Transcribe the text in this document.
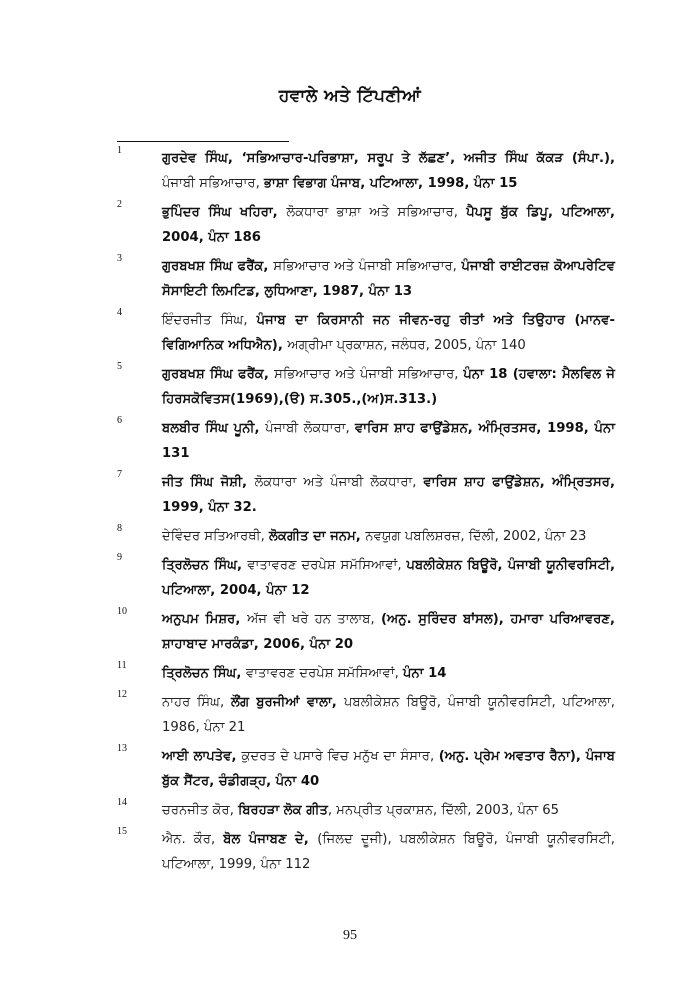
ਹਵਾਲੇ ਅਤੇ ਟਿੱਪਣੀਆਂ
1
ਗੁਰਦੇਵ ਸਿੰਘ, ‘ਸਭਿਆਚਾਰ-ਪਰਿਭਾਸ਼ਾ, ਸਰੂਪ ਤੇ ਲੱਛਣ’, ਅਜੀਤ ਸਿੰਘ ਕੱਕੜ (ਸੰਪਾ.), ਪੰਜਾਬੀ ਸਭਿਆਚਾਰ, ਭਾਸ਼ਾ ਵਿਭਾਗ ਪੰਜਾਬ, ਪਟਿਆਲਾ, 1998, ਪੰਨਾ 15
2
ਭੁਪਿੰਦਰ ਸਿੰਘ ਖਹਿਰਾ, ਲੋਕਧਾਰਾ ਭਾਸ਼ਾ ਅਤੇ ਸਭਿਆਚਾਰ, ਪੈਪਸੂ ਬੁੱਕ ਡਿਪੂ, ਪਟਿਆਲਾ, 2004, ਪੰਨਾ 186
3
ਗੁਰਬਖਸ਼ ਸਿੰਘ ਫਰੈਂਕ, ਸਭਿਆਚਾਰ ਅਤੇ ਪੰਜਾਬੀ ਸਭਿਆਚਾਰ, ਪੰਜਾਬੀ ਰਾਈਟਰਜ਼ ਕੋਆਪਰੇਟਿਵ ਸੋਸਾਇਟੀ ਲਿਮਟਿਡ, ਲੁਧਿਆਣਾ, 1987, ਪੰਨਾ 13
4
ਇੰਦਰਜੀਤ ਸਿੰਘ, ਪੰਜਾਬ ਦਾ ਕਿਰਸਾਨੀ ਜਨ ਜੀਵਨ-ਰਹੁ ਰੀਤਾਂ ਅਤੇ ਤਿਉਹਾਰ (ਮਾਨਵ-ਵਿਗਿਆਨਿਕ ਅਧਿਐਨ), ਅਗ੍ਰੀਮਾ ਪ੍ਰਕਾਸ਼ਨ, ਜਲੰਧਰ, 2005, ਪੰਨਾ 140
5
ਗੁਰਬਖਸ਼ ਸਿੰਘ ਫਰੈਂਕ, ਸਭਿਆਚਾਰ ਅਤੇ ਪੰਜਾਬੀ ਸਭਿਆਚਾਰ, ਪੰਨਾ 18 (ਹਵਾਲਾ: ਮੈਲਵਿਲ ਜੇ ਹਿਰਸਕੋਵਿਤਸ(1969),(ੳ) ਸ.305.,(ਅ)ਸ.313.)
6
ਬਲਬੀਰ ਸਿੰਘ ਪੂਨੀ, ਪੰਜਾਬੀ ਲੋਕਧਾਰਾ, ਵਾਰਿਸ ਸ਼ਾਹ ਫਾਉਂਡੇਸ਼ਨ, ਅੰਮ੍ਰਿਤਸਰ, 1998, ਪੰਨਾ 131
7
ਜੀਤ ਸਿੰਘ ਜੋਸ਼ੀ, ਲੋਕਧਾਰਾ ਅਤੇ ਪੰਜਾਬੀ ਲੋਕਧਾਰਾ, ਵਾਰਿਸ ਸ਼ਾਹ ਫਾਉਂਡੇਸ਼ਨ, ਅੰਮ੍ਰਿਤਸਰ, 1999, ਪੰਨਾ 32.
8
ਦੇਵਿੰਦਰ ਸਤਿਆਰਥੀ, ਲੋਕਗੀਤ ਦਾ ਜਨਮ, ਨਵਯੁਗ ਪਬਲਿਸ਼ਰਜ਼, ਦਿੱਲੀ, 2002, ਪੰਨਾ 23
9
ਤ੍ਰਿਲੋਚਨ ਸਿੰਘ, ਵਾਤਾਵਰਣ ਦਰਪੇਸ਼ ਸਮੱਸਿਆਵਾਂ, ਪਬਲੀਕੇਸ਼ਨ ਬਿਊਰੋ, ਪੰਜਾਬੀ ਯੂਨੀਵਰਸਿਟੀ, ਪਟਿਆਲਾ, 2004, ਪੰਨਾ 12
10
ਅਨੁਪਮ ਮਿਸ਼ਰ, ਅੱਜ ਵੀ ਖਰੇ ਹਨ ਤਾਲਾਬ, (ਅਨੁ. ਸੁਰਿੰਦਰ ਬਾਂਸਲ), ਹਮਾਰਾ ਪਰਿਆਵਰਣ, ਸ਼ਾਹਾਬਾਦ ਮਾਰਕੰਡਾ, 2006, ਪੰਨਾ 20
11
ਤ੍ਰਿਲੋਚਨ ਸਿੰਘ, ਵਾਤਾਵਰਣ ਦਰਪੇਸ਼ ਸਮੱਸਿਆਵਾਂ, ਪੰਨਾ 14
12
ਨਾਹਰ ਸਿੰਘ, ਲੌਂਗ ਬੁਰਜੀਆਂ ਵਾਲਾ, ਪਬਲੀਕੇਸ਼ਨ ਬਿਊਰੋ, ਪੰਜਾਬੀ ਯੂਨੀਵਰਸਿਟੀ, ਪਟਿਆਲਾ, 1986, ਪੰਨਾ 21
13
ਆਈ ਲਾਪਤੇਵ, ਕੁਦਰਤ ਦੇ ਪਸਾਰੇ ਵਿਚ ਮਨੁੱਖ ਦਾ ਸੰਸਾਰ, (ਅਨੁ. ਪ੍ਰੇਮ ਅਵਤਾਰ ਰੈਨਾ), ਪੰਜਾਬ ਬੁੱਕ ਸੈਂਟਰ, ਚੰਡੀਗੜ੍ਹ, ਪੰਨਾ 40
14
ਚਰਨਜੀਤ ਕੋਰ, ਬਿਰਹੜਾ ਲੋਕ ਗੀਤ, ਮਨਪ੍ਰੀਤ ਪ੍ਰਕਾਸ਼ਨ, ਦਿੱਲੀ, 2003, ਪੰਨਾ 65
15
ਐਨ. ਕੌਰ, ਬੋਲ ਪੰਜਾਬਣ ਦੇ, (ਜਿਲਦ ਦੂਜੀ), ਪਬਲੀਕੇਸ਼ਨ ਬਿਊਰੋ, ਪੰਜਾਬੀ ਯੂਨੀਵਰਸਿਟੀ, ਪਟਿਆਲਾ, 1999, ਪੰਨਾ 112
95
